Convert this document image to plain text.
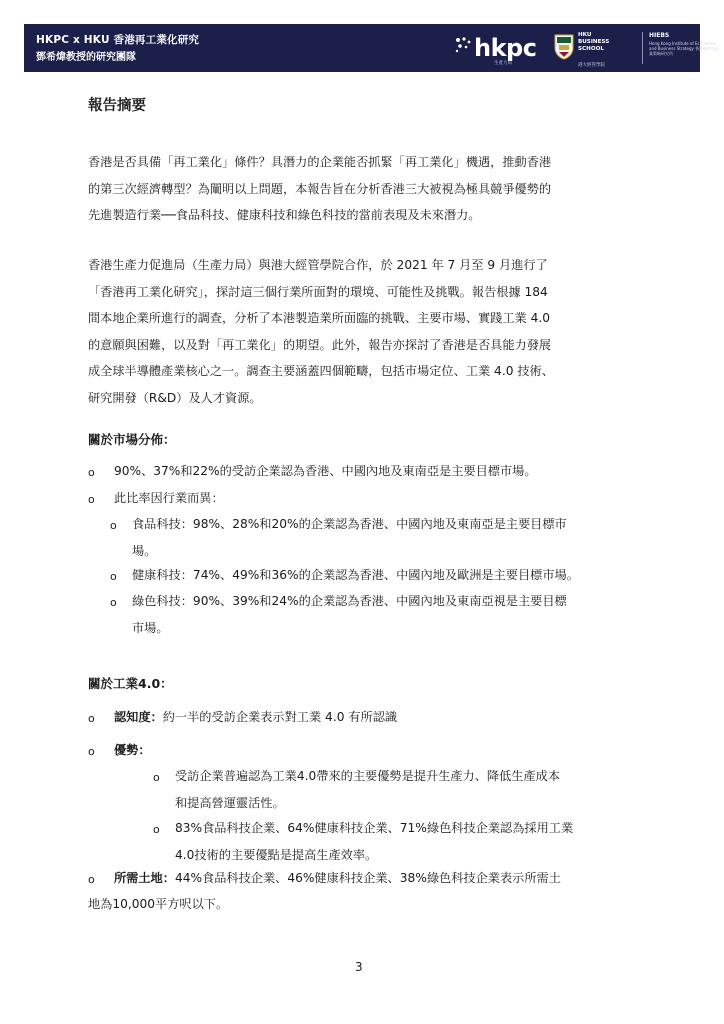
HKPC x HKU 香港再工業化研究
鄧希煒教授的研究團隊	hkpc
生產力局
HKU
BUSINESS
SCHOOL
港大經管學院
HIEBS
Hong Kong Institute of Economics and Business Strategy 香港經濟及商業策略研究所
報告摘要
香港是否具備「再工業化」條件？具潛力的企業能否抓緊「再工業化」機遇，推動香港
的第三次經濟轉型？為闡明以上問題，本報告旨在分析香港三大被視為極具競爭優勢的
先進製造行業──食品科技、健康科技和綠色科技的當前表現及未來潛力。
香港生產力促進局（生產力局）與港大經管學院合作，於 2021 年 7 月至 9 月進行了
「香港再工業化研究」，探討這三個行業所面對的環境、可能性及挑戰。報告根據 184
間本地企業所進行的調查，分析了本港製造業所面臨的挑戰、主要市場、實踐工業 4.0
的意願與困難，以及對「再工業化」的期望。此外，報告亦探討了香港是否具能力發展
成全球半導體產業核心之一。調查主要涵蓋四個範疇，包括市場定位、工業 4.0 技術、
研究開發（R&D）及人才資源。
關於市場分佈：
o 90%、37%和22%的受訪企業認為香港、中國內地及東南亞是主要目標市場。
o 此比率因行業而異：
o 食品科技：98%、28%和20%的企業認為香港、中國內地及東南亞是主要目標市
場。
o 健康科技：74%、49%和36%的企業認為香港、中國內地及歐洲是主要目標市場。
o 綠色科技：90%、39%和24%的企業認為香港、中國內地及東南亞視是主要目標
市場。
關於工業4.0：
o 認知度：約一半的受訪企業表示對工業 4.0 有所認識
o 優勢：
o 受訪企業普遍認為工業4.0帶來的主要優勢是提升生產力、降低生產成本
和提高營運靈活性。
o 83%食品科技企業、64%健康科技企業、71%綠色科技企業認為採用工業
4.0技術的主要優點是提高生產效率。
o 所需土地：44%食品科技企業、46%健康科技企業、38%綠色科技企業表示所需土
地為10,000平方呎以下。
3
